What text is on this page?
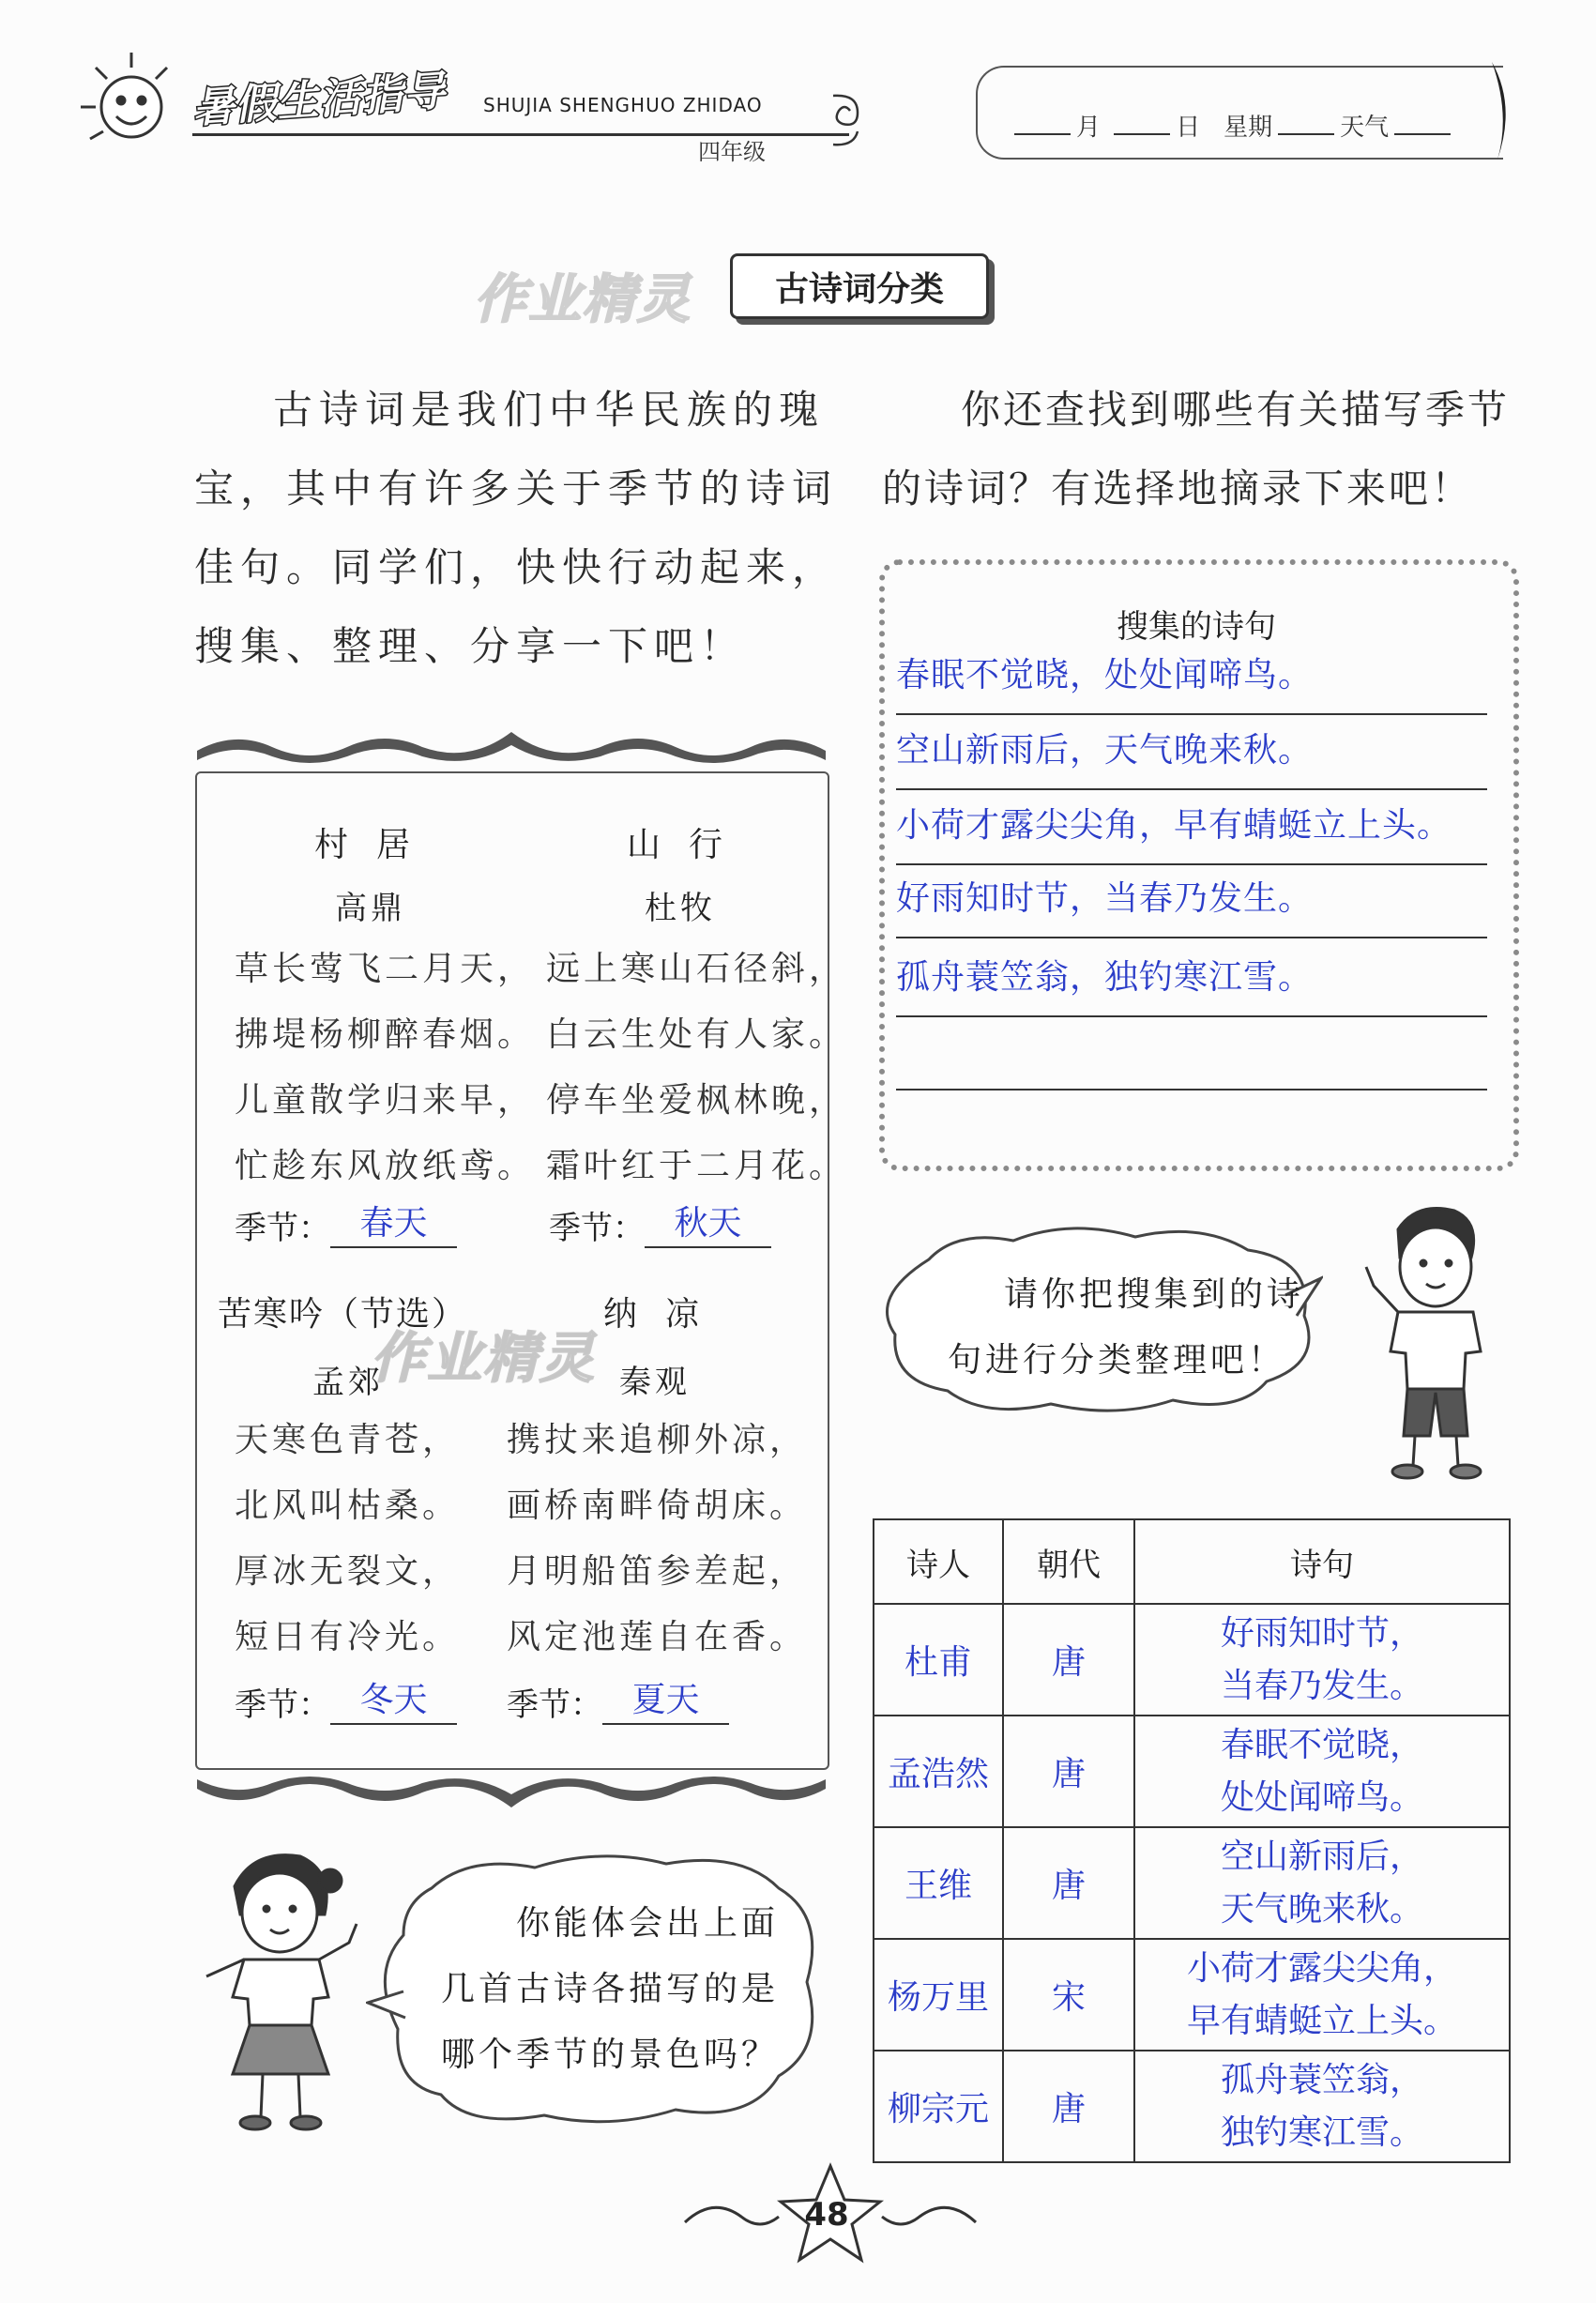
暑假生活指导 SHUJIA SHENGHUO ZHIDAO
四年级
月	日 星期	天气
作业精灵	古诗词分类

古诗词是我们中华民族的瑰宝，其中有许多关于季节的诗词佳句。同学们，快快行动起来，搜集、整理、分享一下吧！

你还查找到哪些有关描写季节的诗词？有选择地摘录下来吧！

搜集的诗句
春眠不觉晓，处处闻啼鸟。
空山新雨后，天气晚来秋。
小荷才露尖尖角，早有蜻蜓立上头。
好雨知时节，当春乃发生。
孤舟蓑笠翁，独钓寒江雪。
村居
高鼎
草长莺飞二月天，
拂堤杨柳醉春烟。
儿童散学归来早，
忙趁东风放纸鸢。
季节： 春天
山行
杜牧
远上寒山石径斜，
白云生处有人家。
停车坐爱枫林晚，
霜叶红于二月花。
季节： 秋天
作业精灵
苦寒吟（节选）
孟郊
天寒色青苍，
北风叫枯桑。
厚冰无裂文，
短日有冷光。
季节： 冬天
纳凉
秦观
携扙来追柳外凉，
画桥南畔倚胡床。
月明船笛参差起，
风定池莲自在香。
季节： 夏天
请你把搜集到的诗
句进行分类整理吧！
诗人	朝代	诗句
杜甫	唐	好雨知时节，
当春乃发生。

孟浩然	唐	春眠不觉晓，
处处闻啼鸟。

王维	唐	空山新雨后，
天气晚来秋。

杨万里	宋	小荷才露尖尖角，
早有蜻蜓立上头。

柳宗元	唐	孤舟蓑笠翁，
独钓寒江雪。
你能体会出上面
几首古诗各描写的是
哪个季节的景色吗？
48
